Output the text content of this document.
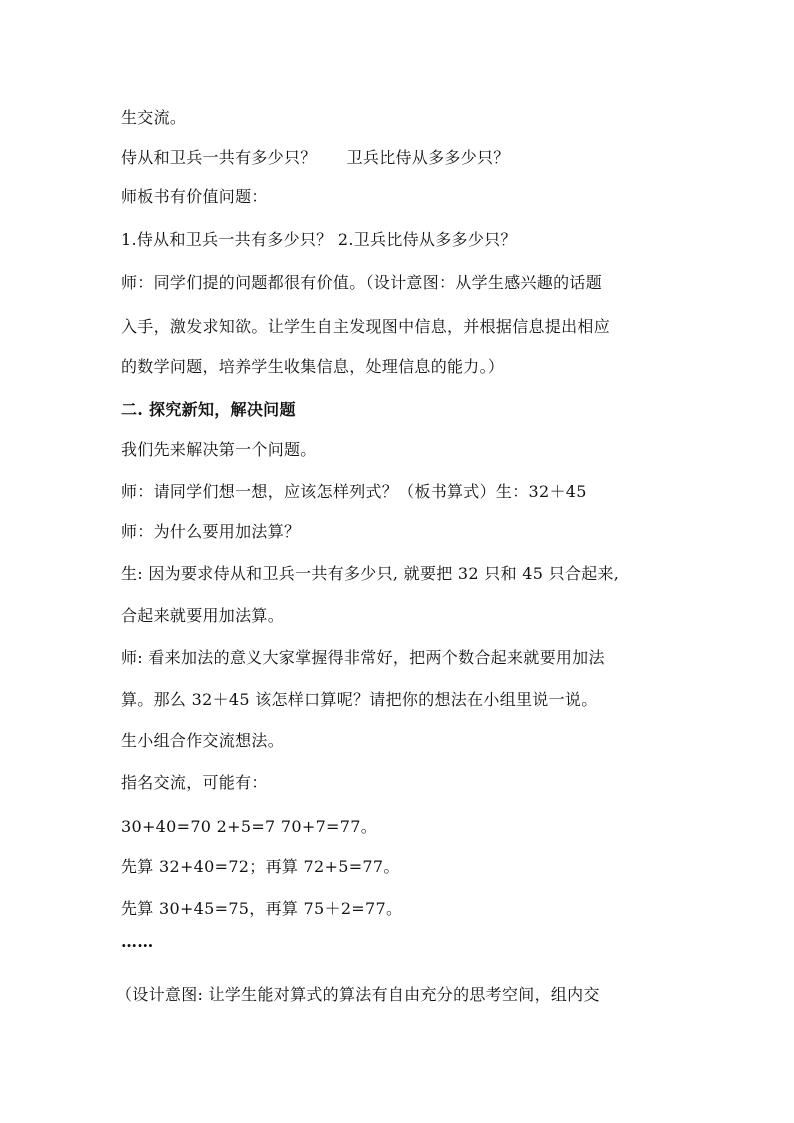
生交流。
侍从和卫兵一共有多少只？ 卫兵比侍从多多少只？
师板书有价值问题：
1.侍从和卫兵一共有多少只？ 2.卫兵比侍从多多少只？
师：同学们提的问题都很有价值。（设计意图：从学生感兴趣的话题
入手，激发求知欲。让学生自主发现图中信息，并根据信息提出相应
的数学问题，培养学生收集信息，处理信息的能力。）
二. 探究新知，解决问题
我们先来解决第一个问题。
师：请同学们想一想，应该怎样列式？（板书算式）生：32＋45
师：为什么要用加法算？
生: 因为要求侍从和卫兵一共有多少只, 就要把 32 只和 45 只合起来,
合起来就要用加法算。
师: 看来加法的意义大家掌握得非常好，把两个数合起来就要用加法
算。那么 32＋45 该怎样口算呢？请把你的想法在小组里说一说。
生小组合作交流想法。
指名交流，可能有：
30+40=70 2+5=7 70+7=77。
先算 32+40=72；再算 72+5=77。
先算 30+45=75，再算 75＋2=77。
……
（设计意图: 让学生能对算式的算法有自由充分的思考空间，组内交
